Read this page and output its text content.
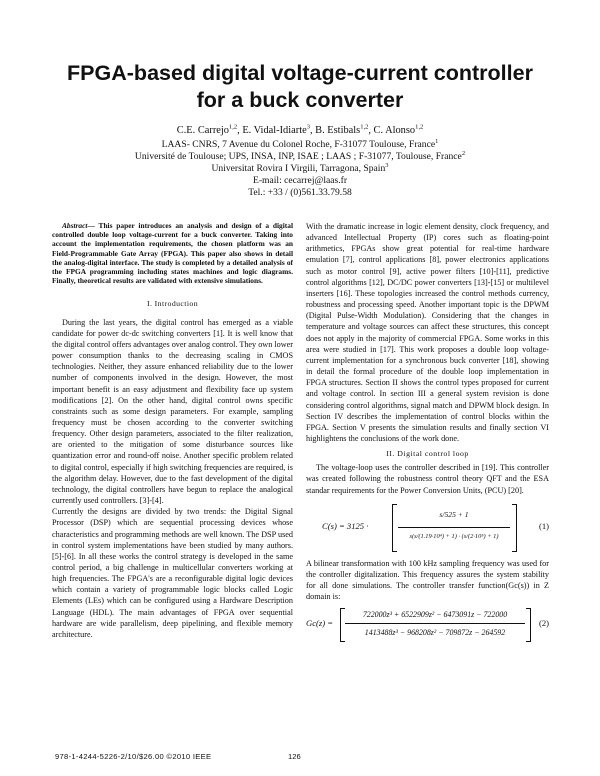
FPGA-based digital voltage-current controller
for a buck converter
C.E. Carrejo$^{1,2}$, E. Vidal-Idiarte$^3$, B. Estibals$^{1,2}$, C. Alonso$^{1,2}$
LAAS- CNRS, 7 Avenue du Colonel Roche, F-31077 Toulouse, France$^1$
Université de Toulouse; UPS, INSA, INP, ISAE ; LAAS ; F-31077, Toulouse, France$^2$
Universitat Rovira I Virgili, Tarragona, Spain$^3$
E-mail: cecarrej@laas.fr
Tel.: +33 / (0)561.33.79.58

Abstract— This paper introduces an analysis and design of a digital controlled double loop voltage-current for a buck converter. Taking into account the implementation requirements, the chosen platform was an Field-Programmable Gate Array (FPGA). This paper also shows in detail the analog-digital interface. The study is completed by a detailed analysis of the FPGA programming including states machines and logic diagrams. Finally, theoretical results are validated with extensive simulations.

I. Introduction

During the last years, the digital control has emerged as a viable candidate for power dc-dc switching converters [1]. It is well know that the digital control offers advantages over analog control. They own lower power consumption thanks to the decreasing scaling in CMOS technologies. Neither, they assure enhanced reliability due to the lower number of components involved in the design. However, the most important benefit is an easy adjustment and flexibility face up system modifications [2]. On the other hand, digital control owns specific constraints such as some design parameters. For example, sampling frequency must be chosen according to the converter switching frequency. Other design parameters, associated to the filter realization, are oriented to the mitigation of some disturbance sources like quantization error and round-off noise. Another specific problem related to digital control, especially if high switching frequencies are required, is the algorithm delay. However, due to the fast development of the digital technology, the digital controllers have begun to replace the analogical currently used controllers. [3]-[4].

Currently the designs are divided by two trends: the Digital Signal Processor (DSP) which are sequential processing devices whose characteristics and programming methods are well known. The DSP used in control system implementations have been studied by many authors. [5]-[6]. In all these works the control strategy is developed in the same control period, a big challenge in multicellular converters working at high frequencies. The FPGA's are a reconfigurable digital logic devices which contain a variety of programmable logic blocks called Logic Elements (LEs) which can be configured using a Hardware Description Language (HDL). The main advantages of FPGA over sequential hardware are wide parallelism, deep pipelining, and flexible memory architecture.

With the dramatic increase in logic element density, clock frequency, and advanced Intellectual Property (IP) cores such as floating-point arithmetics, FPGAs show great potential for real-time hardware emulation [7], control applications [8], power electronics applications such as motor control [9], active power filters [10]-[11], predictive control algorithms [12], DC/DC power converters [13]-[15] or multilevel inserters [16]. These topologies increased the control methods currency, robustness and processing speed. Another important topic is the DPWM (Digital Pulse-Width Modulation). Considering that the changes in temperature and voltage sources can affect these structures, this concept does not apply in the majority of commercial FPGA. Some works in this area were studied in [17]. This work proposes a double loop voltage-current implementation for a synchronous buck converter [18], showing in detail the formal procedure of the double loop implementation in FPGA structures. Section II shows the control types proposed for current and voltage control. In section III a general system revision is done considering control algorithms, signal match and DPWM block design. In Section IV describes the implementation of control blocks within the FPGA. Section V presents the simulation results and finally section VI highlightens the conclusions of the work done.

II. Digital control loop

The voltage-loop uses the controller described in [19]. This controller was created following the robustness control theory QFT and the ESA standar requirements for the Power Conversion Units, (PCU) [20].

C(s) = 3125 ·
s/525 + 1
s(s/(1.19·10⁴) + 1) · (s/(2·10⁵) + 1)
(1)

A bilinear transformation with 100 kHz sampling frequency was used for the controller digitalization. This frequency assures the system stability for all done simulations. The controller transfer function(Gc(s)) in Z domain is:

Gc(z) =
722000z³ + 6522909z² − 6473091z − 722000
1413488z³ − 968208z² − 709872z − 264592
(2)
978-1-4244-5226-2/10/$26.00 ©2010 IEEE	126
